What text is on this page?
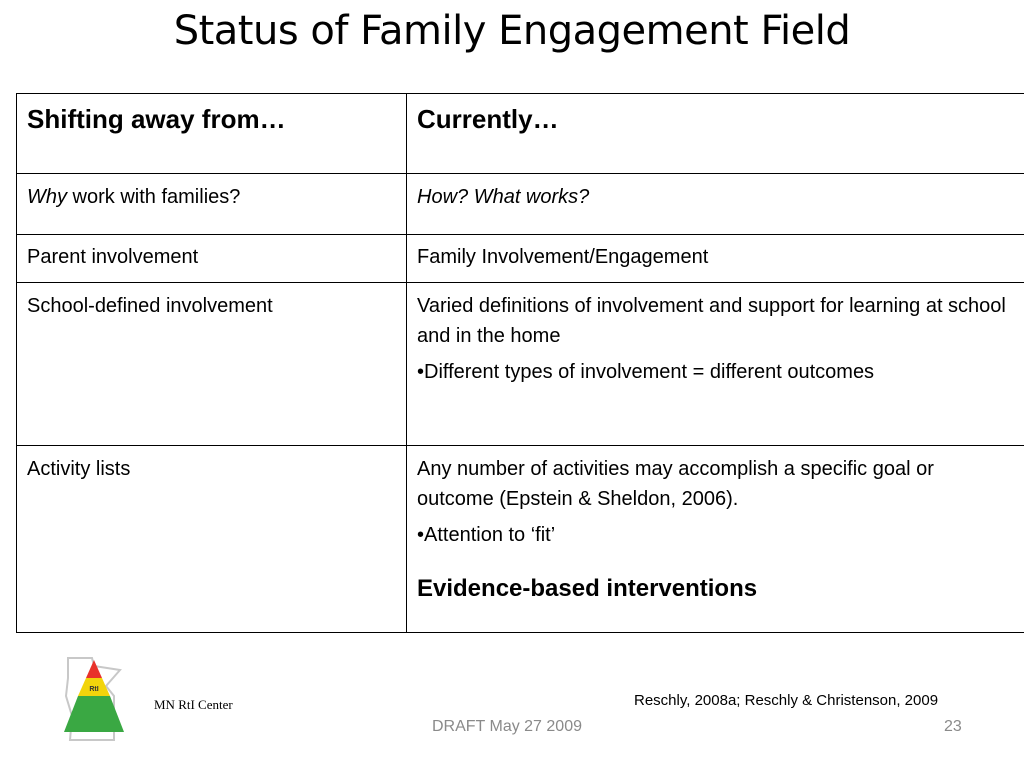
Status of Family Engagement Field
Shifting away from…	Currently…
Why work with families?	How? What works?
Parent involvement	Family Involvement/Engagement
School-defined involvement	Varied definitions of involvement and support for learning at school and in the home

•Different types of involvement = different outcomes

Activity lists	Any number of activities may accomplish a specific goal or outcome (Epstein & Sheldon, 2006).

•Attention to ‘fit’

Evidence-based interventions

RtI
MN RtI Center	Reschly, 2008a; Reschly & Christenson, 2009
DRAFT May 27 2009	23
